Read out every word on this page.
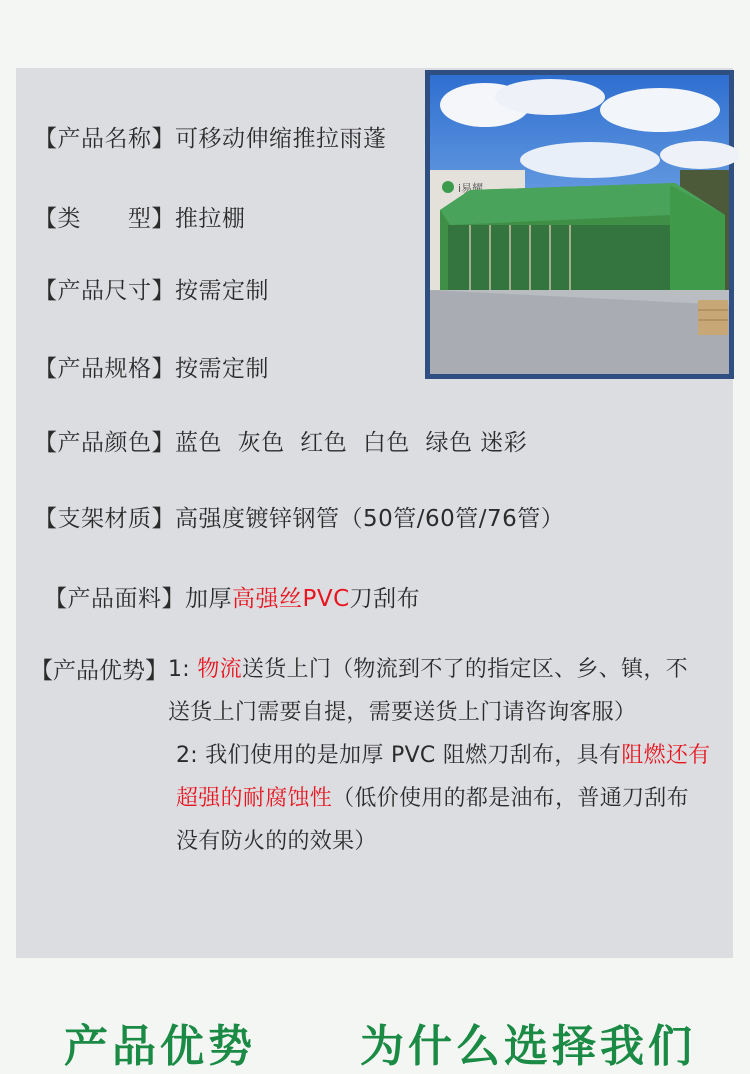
【产品名称】可移动伸缩推拉雨蓬
【类      型】推拉棚
【产品尺寸】按需定制
【产品规格】按需定制
【产品颜色】蓝色  灰色  红色  白色  绿色 迷彩
【支架材质】高强度镀锌钢管（50管/60管/76管）
【产品面料】加厚高强丝PVC刀刮布
【产品优势】 1: 物流送货上门（物流到不了的指定区、乡、镇，不
送货上门需要自提，需要送货上门请咨询客服）
2: 我们使用的是加厚 PVC 阻燃刀刮布，具有阻燃还有
超强的耐腐蚀性（低价使用的都是油布，普通刀刮布
没有防火的的效果）
i易耀
产品优势 为什么选择我们
